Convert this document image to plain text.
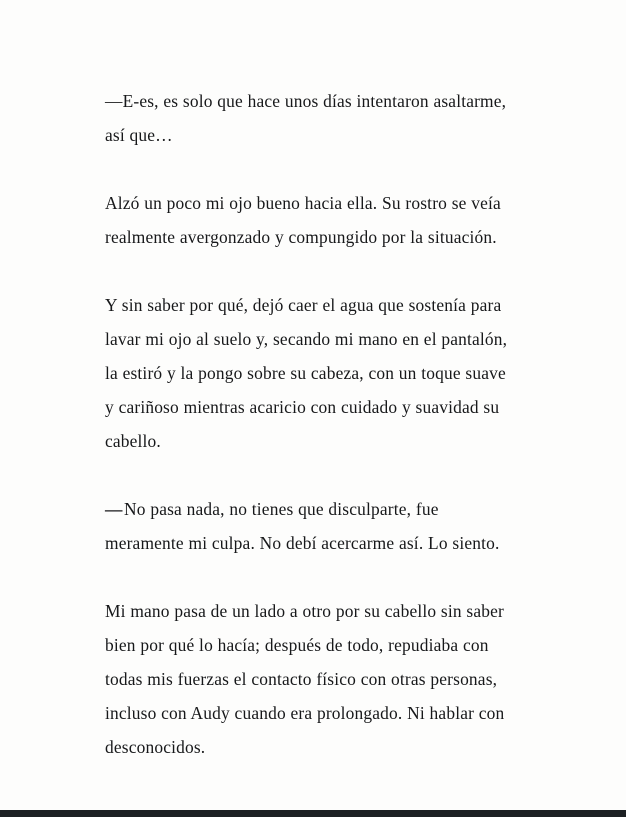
—E-es, es solo que hace unos días intentaron asaltarme, así que…

Alzó un poco mi ojo bueno hacia ella. Su rostro se veía realmente avergonzado y compungido por la situación.

Y sin saber por qué, dejó caer el agua que sostenía para lavar mi ojo al suelo y, secando mi mano en el pantalón, la estiró y la pongo sobre su cabeza, con un toque suave y cariñoso mientras acaricio con cuidado y suavidad su cabello.

— No pasa nada, no tienes que disculparte, fue meramente mi culpa. No debí acercarme así. Lo siento.

Mi mano pasa de un lado a otro por su cabello sin saber bien por qué lo hacía; después de todo, repudiaba con todas mis fuerzas el contacto físico con otras personas, incluso con Audy cuando era prolongado. Ni hablar con desconocidos.
